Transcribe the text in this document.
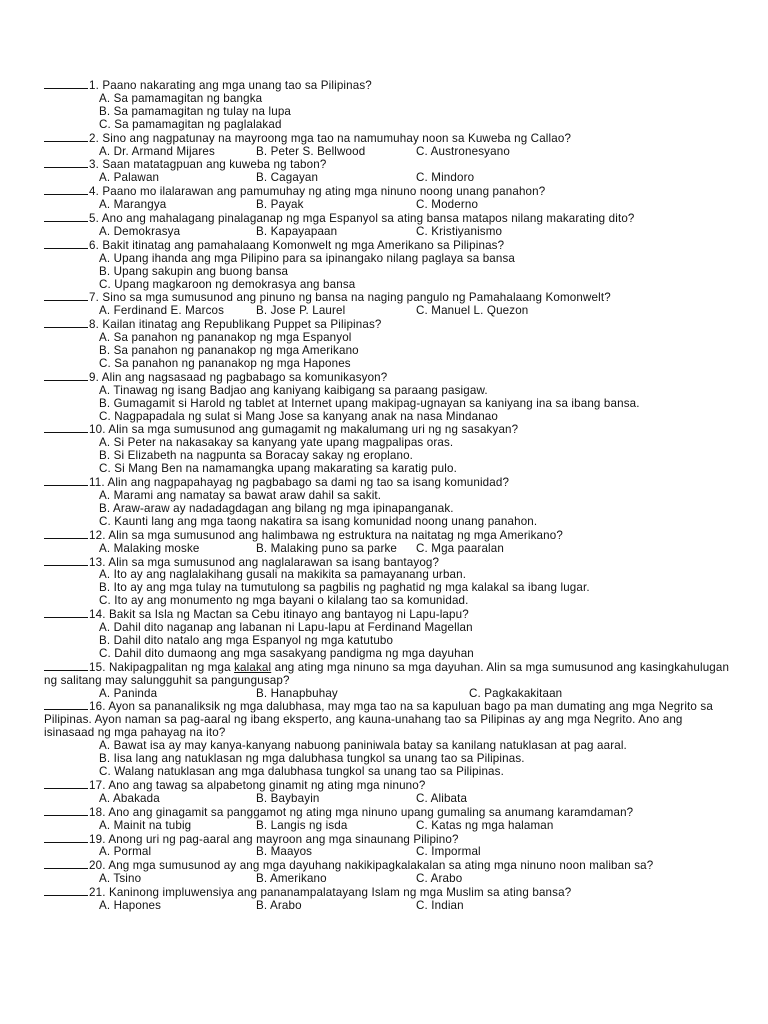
1. Paano nakarating ang mga unang tao sa Pilipinas?
A. Sa pamamagitan ng bangka
B. Sa pamamagitan ng tulay na lupa
C. Sa pamamagitan ng paglalakad
2. Sino ang nagpatunay na mayroong mga tao na namumuhay noon sa Kuweba ng Callao?
A. Dr. Armand Mijares	B. Peter S. Bellwood	C. Austronesyano
3. Saan matatagpuan ang kuweba ng tabon?
A. Palawan	B. Cagayan	C. Mindoro
4. Paano mo ilalarawan ang pamumuhay ng ating mga ninuno noong unang panahon?
A. Marangya	B. Payak	C. Moderno
5. Ano ang mahalagang pinalaganap ng mga Espanyol sa ating bansa matapos nilang makarating dito?
A. Demokrasya	B. Kapayapaan	C. Kristiyanismo
6. Bakit itinatag ang pamahalaang Komonwelt ng mga Amerikano sa Pilipinas?
A. Upang ihanda ang mga Pilipino para sa ipinangako nilang paglaya sa bansa
B. Upang sakupin ang buong bansa
C. Upang magkaroon ng demokrasya ang bansa
7. Sino sa mga sumusunod ang pinuno ng bansa na naging pangulo ng Pamahalaang Komonwelt?
A. Ferdinand E. Marcos	B. Jose P. Laurel	C. Manuel L. Quezon
8. Kailan itinatag ang Republikang Puppet sa Pilipinas?
A. Sa panahon ng pananakop ng mga Espanyol
B. Sa panahon ng pananakop ng mga Amerikano
C. Sa panahon ng pananakop ng mga Hapones
9. Alin ang nagsasaad ng pagbabago sa komunikasyon?
A. Tinawag ng isang Badjao ang kaniyang kaibigang sa paraang pasigaw.
B. Gumagamit si Harold ng tablet at Internet upang makipag-ugnayan sa kaniyang ina sa ibang bansa.
C. Nagpapadala ng sulat si Mang Jose sa kanyang anak na nasa Mindanao
10. Alin sa mga sumusunod ang gumagamit ng makalumang uri ng ng sasakyan?
A. Si Peter na nakasakay sa kanyang yate upang magpalipas oras.
B. Si Elizabeth na nagpunta sa Boracay sakay ng eroplano.
C. Si Mang Ben na namamangka upang makarating sa karatig pulo.
11. Alin ang nagpapahayag ng pagbabago sa dami ng tao sa isang komunidad?
A. Marami ang namatay sa bawat araw dahil sa sakit.
B. Araw-araw ay nadadagdagan ang bilang ng mga ipinapanganak.
C. Kaunti lang ang mga taong nakatira sa isang komunidad noong unang panahon.
12. Alin sa mga sumusunod ang halimbawa ng estruktura na naitatag ng mga Amerikano?
A. Malaking moske	B. Malaking puno sa parke C. Mga paaralan
13. Alin sa mga sumusunod ang naglalarawan sa isang bantayog?
A. Ito ay ang naglalakihang gusali na makikita sa pamayanang urban.
B. Ito ay ang mga tulay na tumutulong sa pagbilis ng paghatid ng mga kalakal sa ibang lugar.
C. Ito ay ang monumento ng mga bayani o kilalang tao sa komunidad.
14. Bakit sa Isla ng Mactan sa Cebu itinayo ang bantayog ni Lapu-lapu?
A. Dahil dito naganap ang labanan ni Lapu-lapu at Ferdinand Magellan
B. Dahil dito natalo ang mga Espanyol ng mga katutubo
C. Dahil dito dumaong ang mga sasakyang pandigma ng mga dayuhan
15. Nakipagpalitan ng mga kalakal ang ating mga ninuno sa mga dayuhan. Alin sa mga sumusunod ang kasingkahulugan ng salitang may salungguhit sa pangungusap?
A. Paninda	B. Hanapbuhay	C. Pagkakakitaan
16. Ayon sa pananaliksik ng mga dalubhasa, may mga tao na sa kapuluan bago pa man dumating ang mga Negrito sa Pilipinas. Ayon naman sa pag-aaral ng ibang eksperto, ang kauna-unahang tao sa Pilipinas ay ang mga Negrito. Ano ang isinasaad ng mga pahayag na ito?
A. Bawat isa ay may kanya-kanyang nabuong paniniwala batay sa kanilang natuklasan at pag aaral.
B. Iisa lang ang natuklasan ng mga dalubhasa tungkol sa unang tao sa Pilipinas.
C. Walang natuklasan ang mga dalubhasa tungkol sa unang tao sa Pilipinas.
17. Ano ang tawag sa alpabetong ginamit ng ating mga ninuno?
A. Abakada	B. Baybayin	C. Alibata
18. Ano ang ginagamit sa panggamot ng ating mga ninuno upang gumaling sa anumang karamdaman?
A. Mainit na tubig	B. Langis ng isda	C. Katas ng mga halaman
19. Anong uri ng pag-aaral ang mayroon ang mga sinaunang Pilipino?
A. Pormal	B. Maayos	C. Impormal
20. Ang mga sumusunod ay ang mga dayuhang nakikipagkalakalan sa ating mga ninuno noon maliban sa?
A. Tsino	B. Amerikano	C. Arabo
21. Kaninong impluwensiya ang pananampalatayang Islam ng mga Muslim sa ating bansa?
A. Hapones	B. Arabo	C. Indian
